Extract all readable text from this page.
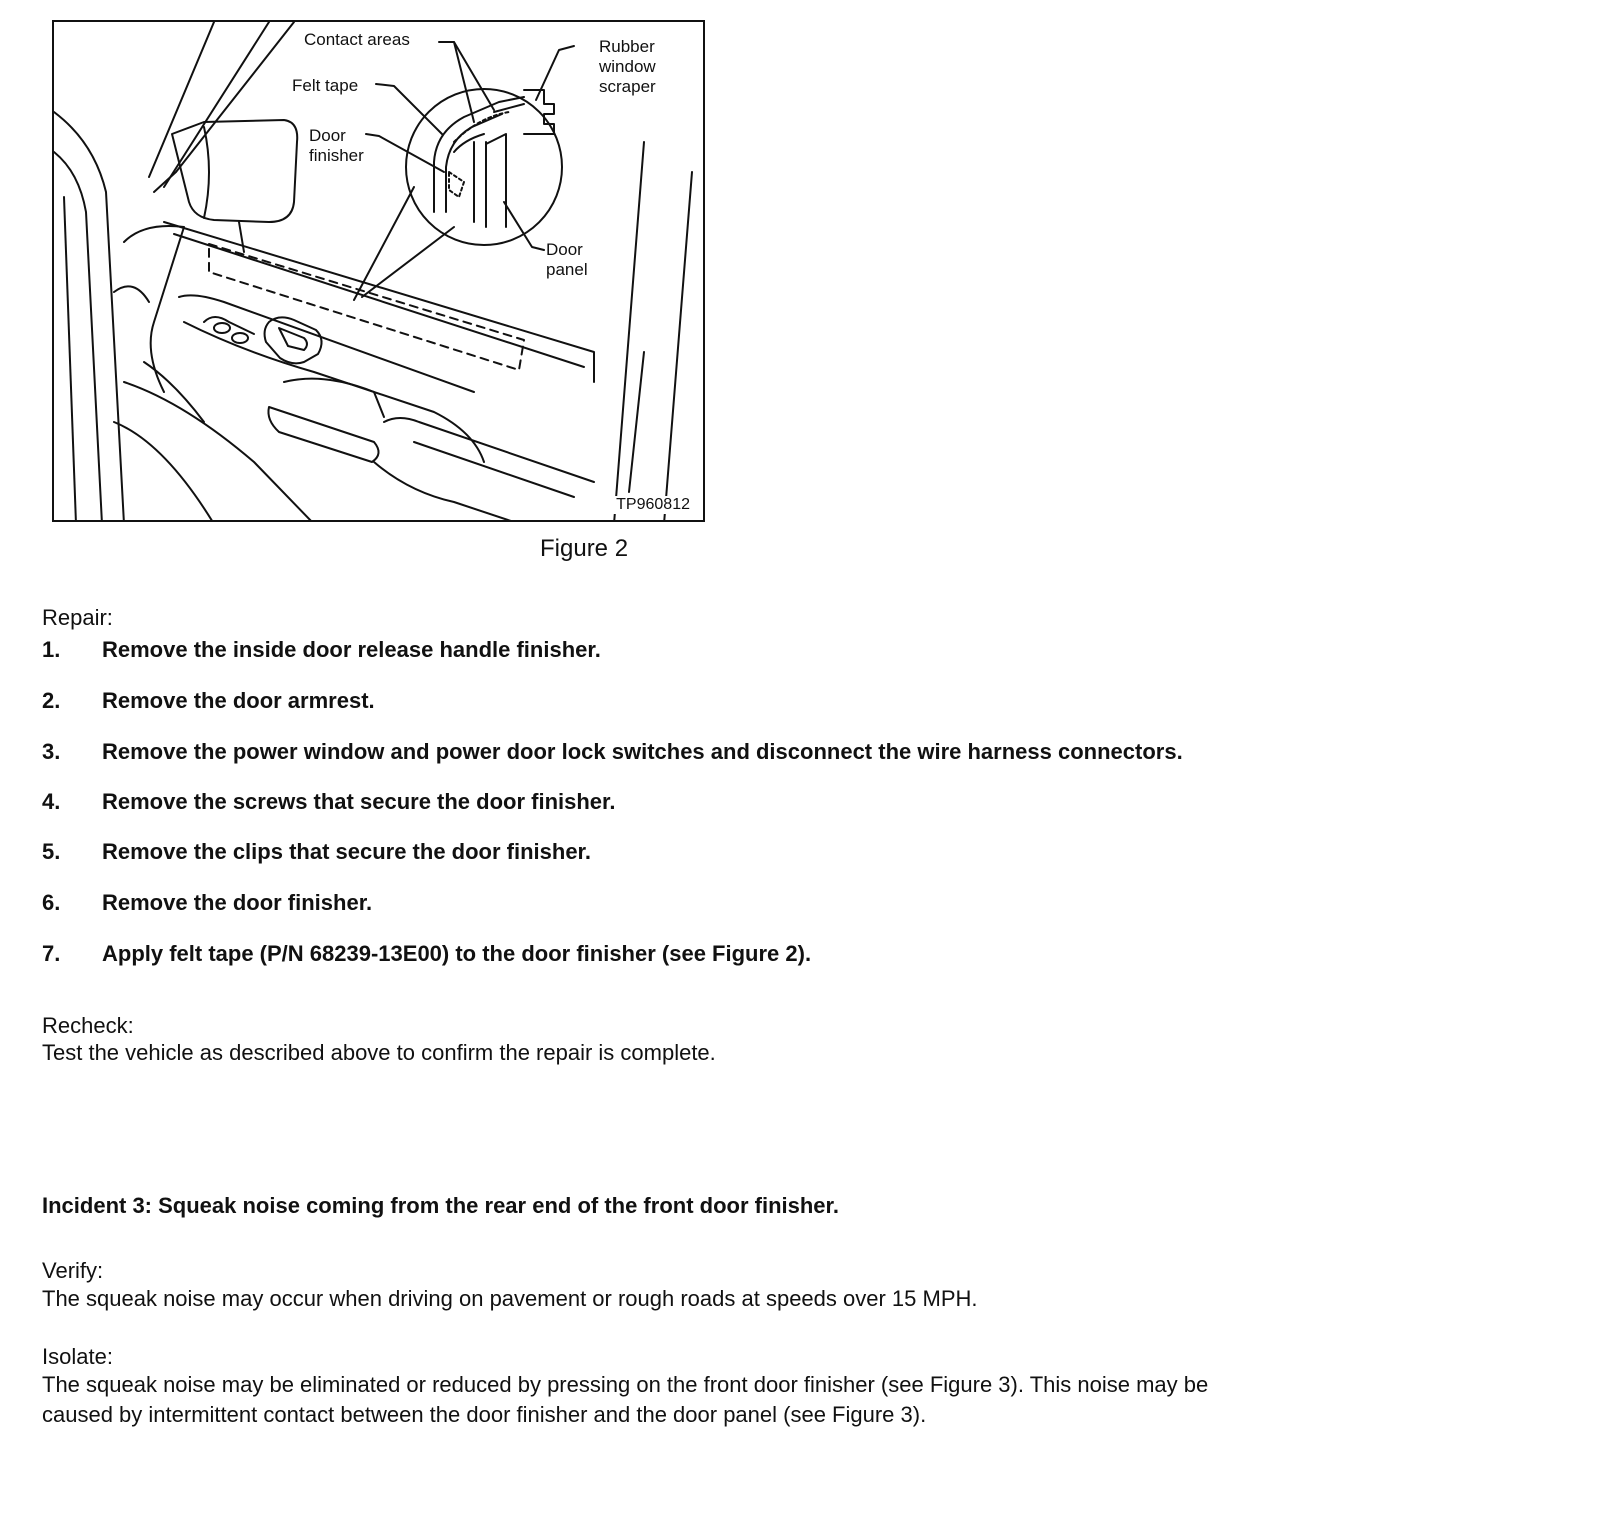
Contact areas
Felt tape
Door
finisher
Rubber
window
scraper
Door
panel
TP960812
Figure 2
Repair:
1.	Remove the inside door release handle finisher.
2.	Remove the door armrest.
3.	Remove the power window and power door lock switches and disconnect the wire harness connectors.
4.	Remove the screws that secure the door finisher.
5.	Remove the clips that secure the door finisher.
6.	Remove the door finisher.
7.	Apply felt tape (P/N 68239-13E00) to the door finisher (see Figure 2).
Recheck:
Test the vehicle as described above to confirm the repair is complete.
Incident 3: Squeak noise coming from the rear end of the front door finisher.
Verify:
The squeak noise may occur when driving on pavement or rough roads at speeds over 15 MPH.
Isolate:
The squeak noise may be eliminated or reduced by pressing on the front door finisher (see Figure 3). This noise may be
caused by intermittent contact between the door finisher and the door panel (see Figure 3).
